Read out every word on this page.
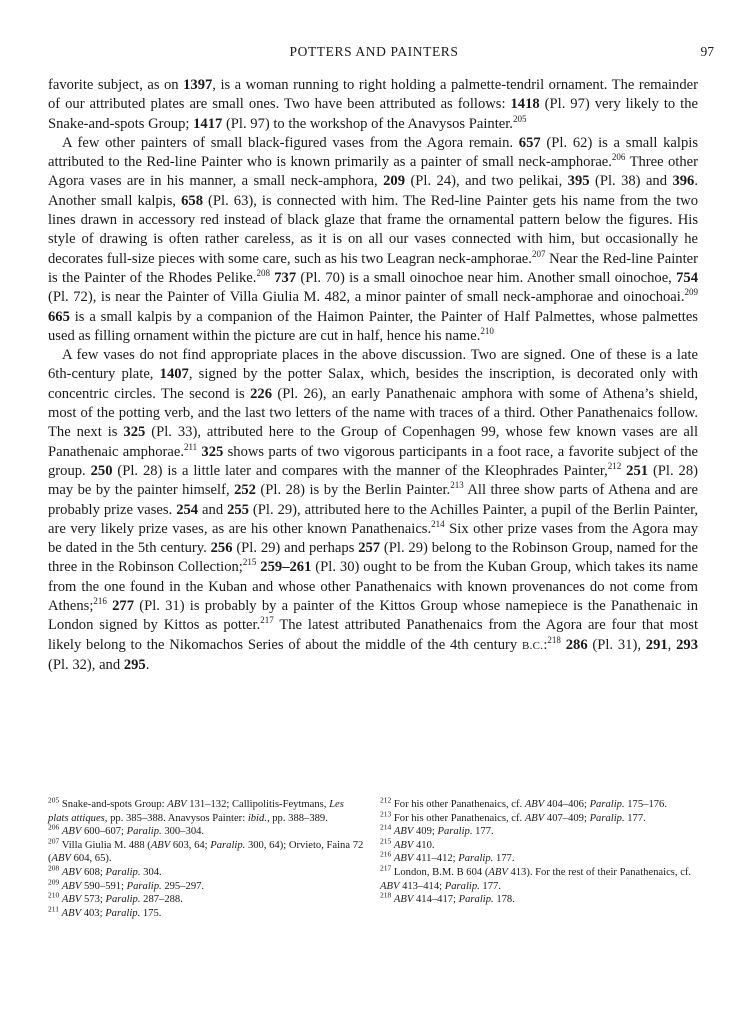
POTTERS AND PAINTERS	97

favorite subject, as on 1397, is a woman running to right holding a palmette-tendril ornament. The remainder of our attributed plates are small ones. Two have been attributed as follows: 1418 (Pl. 97) very likely to the Snake-and-spots Group; 1417 (Pl. 97) to the workshop of the Anavysos Painter.$^{205}$

A few other painters of small black-figured vases from the Agora remain. 657 (Pl. 62) is a small kalpis attributed to the Red-line Painter who is known primarily as a painter of small neck-amphorae.$^{206}$ Three other Agora vases are in his manner, a small neck-amphora, 209 (Pl. 24), and two pelikai, 395 (Pl. 38) and 396. Another small kalpis, 658 (Pl. 63), is connected with him. The Red-line Painter gets his name from the two lines drawn in accessory red instead of black glaze that frame the ornamental pattern below the figures. His style of drawing is often rather careless, as it is on all our vases connected with him, but occasionally he decorates full-size pieces with some care, such as his two Leagran neck-amphorae.$^{207}$ Near the Red-line Painter is the Painter of the Rhodes Pelike.$^{208}$ 737 (Pl. 70) is a small oinochoe near him. Another small oinochoe, 754 (Pl. 72), is near the Painter of Villa Giulia M. 482, a minor painter of small neck-amphorae and oinochoai.$^{209}$ 665 is a small kalpis by a companion of the Haimon Painter, the Painter of Half Palmettes, whose palmettes used as filling ornament within the picture are cut in half, hence his name.$^{210}$

A few vases do not find appropriate places in the above discussion. Two are signed. One of these is a late 6th-century plate, 1407, signed by the potter Salax, which, besides the inscription, is decorated only with concentric circles. The second is 226 (Pl. 26), an early Panathenaic amphora with some of Athena’s shield, most of the potting verb, and the last two letters of the name with traces of a third. Other Panathenaics follow. The next is 325 (Pl. 33), attributed here to the Group of Copenhagen 99, whose few known vases are all Panathenaic amphorae.$^{211}$ 325 shows parts of two vigorous participants in a foot race, a favorite subject of the group. 250 (Pl. 28) is a little later and compares with the manner of the Kleophrades Painter,$^{212}$ 251 (Pl. 28) may be by the painter himself, 252 (Pl. 28) is by the Berlin Painter.$^{213}$ All three show parts of Athena and are probably prize vases. 254 and 255 (Pl. 29), attributed here to the Achilles Painter, a pupil of the Berlin Painter, are very likely prize vases, as are his other known Panathenaics.$^{214}$ Six other prize vases from the Agora may be dated in the 5th century. 256 (Pl. 29) and perhaps 257 (Pl. 29) belong to the Robinson Group, named for the three in the Robinson Collection;$^{215}$ 259–261 (Pl. 30) ought to be from the Kuban Group, which takes its name from the one found in the Kuban and whose other Panathenaics with known provenances do not come from Athens;$^{216}$ 277 (Pl. 31) is probably by a painter of the Kittos Group whose namepiece is the Panathenaic in London signed by Kittos as potter.$^{217}$ The latest attributed Panathenaics from the Agora are four that most likely belong to the Nikomachos Series of about the middle of the 4th century B.C.:$^{218}$ 286 (Pl. 31), 291, 293 (Pl. 32), and 295.

$^{205}$ Snake-and-spots Group: ABV 131–132; Callipolitis-Feytmans, Les plats attiques, pp. 385–388. Anavysos Painter: ibid., pp. 388–389.

$^{206}$ ABV 600–607; Paralip. 300–304.

$^{207}$ Villa Giulia M. 488 (ABV 603, 64; Paralip. 300, 64); Orvieto, Faina 72 (ABV 604, 65).

$^{208}$ ABV 608; Paralip. 304.

$^{209}$ ABV 590–591; Paralip. 295–297.

$^{210}$ ABV 573; Paralip. 287–288.

$^{211}$ ABV 403; Paralip. 175.

$^{212}$ For his other Panathenaics, cf. ABV 404–406; Paralip. 175–176.

$^{213}$ For his other Panathenaics, cf. ABV 407–409; Paralip. 177.

$^{214}$ ABV 409; Paralip. 177.

$^{215}$ ABV 410.

$^{216}$ ABV 411–412; Paralip. 177.

$^{217}$ London, B.M. B 604 (ABV 413). For the rest of their Panathenaics, cf. ABV 413–414; Paralip. 177.

$^{218}$ ABV 414–417; Paralip. 178.
